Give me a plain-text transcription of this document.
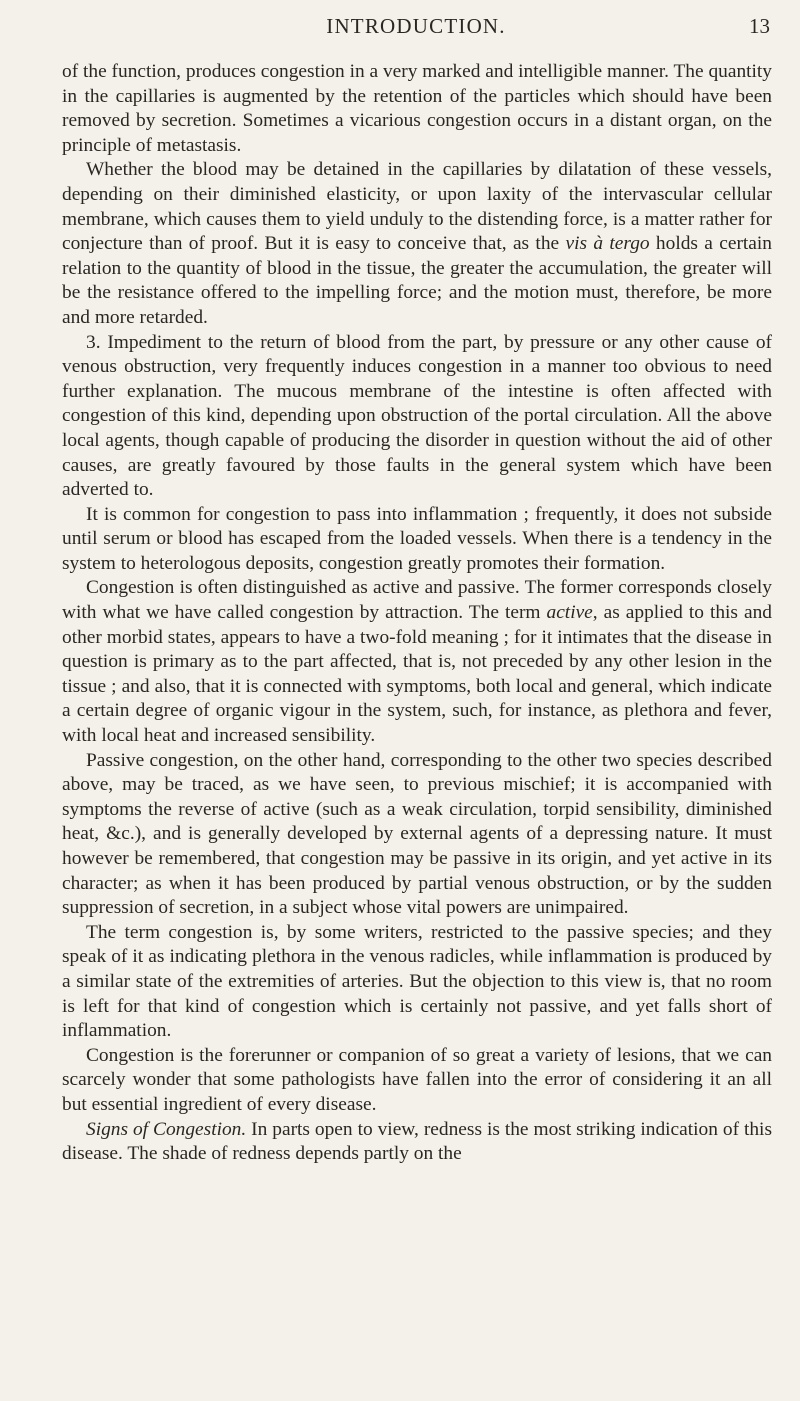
INTRODUCTION.	13

of the function, produces congestion in a very marked and intelligible manner. The quantity in the capillaries is augmented by the retention of the particles which should have been removed by secretion. Sometimes a vicarious congestion occurs in a distant organ, on the principle of metastasis.

Whether the blood may be detained in the capillaries by dilatation of these vessels, depending on their diminished elasticity, or upon laxity of the intervascular cellular membrane, which causes them to yield unduly to the distending force, is a matter rather for conjecture than of proof. But it is easy to conceive that, as the vis à tergo holds a certain relation to the quantity of blood in the tissue, the greater the accumulation, the greater will be the resistance offered to the impelling force; and the motion must, therefore, be more and more retarded.

3. Impediment to the return of blood from the part, by pressure or any other cause of venous obstruction, very frequently induces congestion in a manner too obvious to need further explanation. The mucous membrane of the intestine is often affected with congestion of this kind, depending upon obstruction of the portal circulation. All the above local agents, though capable of producing the disorder in question without the aid of other causes, are greatly favoured by those faults in the general system which have been adverted to.

It is common for congestion to pass into inflammation ; frequently, it does not subside until serum or blood has escaped from the loaded vessels. When there is a tendency in the system to heterologous deposits, congestion greatly promotes their formation.

Congestion is often distinguished as active and passive. The former corresponds closely with what we have called congestion by attraction. The term active, as applied to this and other morbid states, appears to have a two-fold meaning ; for it intimates that the disease in question is primary as to the part affected, that is, not preceded by any other lesion in the tissue ; and also, that it is connected with symptoms, both local and general, which indicate a certain degree of organic vigour in the system, such, for instance, as plethora and fever, with local heat and increased sensibility.

Passive congestion, on the other hand, corresponding to the other two species described above, may be traced, as we have seen, to previous mischief; it is accompanied with symptoms the reverse of active (such as a weak circulation, torpid sensibility, diminished heat, &c.), and is generally developed by external agents of a depressing nature. It must however be remembered, that congestion may be passive in its origin, and yet active in its character; as when it has been produced by partial venous obstruction, or by the sudden suppression of secretion, in a subject whose vital powers are unimpaired.

The term congestion is, by some writers, restricted to the passive species; and they speak of it as indicating plethora in the venous radicles, while inflammation is produced by a similar state of the extremities of arteries. But the objection to this view is, that no room is left for that kind of congestion which is certainly not passive, and yet falls short of inflammation.

Congestion is the forerunner or companion of so great a variety of lesions, that we can scarcely wonder that some pathologists have fallen into the error of considering it an all but essential ingredient of every disease.

Signs of Congestion. In parts open to view, redness is the most striking indication of this disease. The shade of redness depends partly on the
